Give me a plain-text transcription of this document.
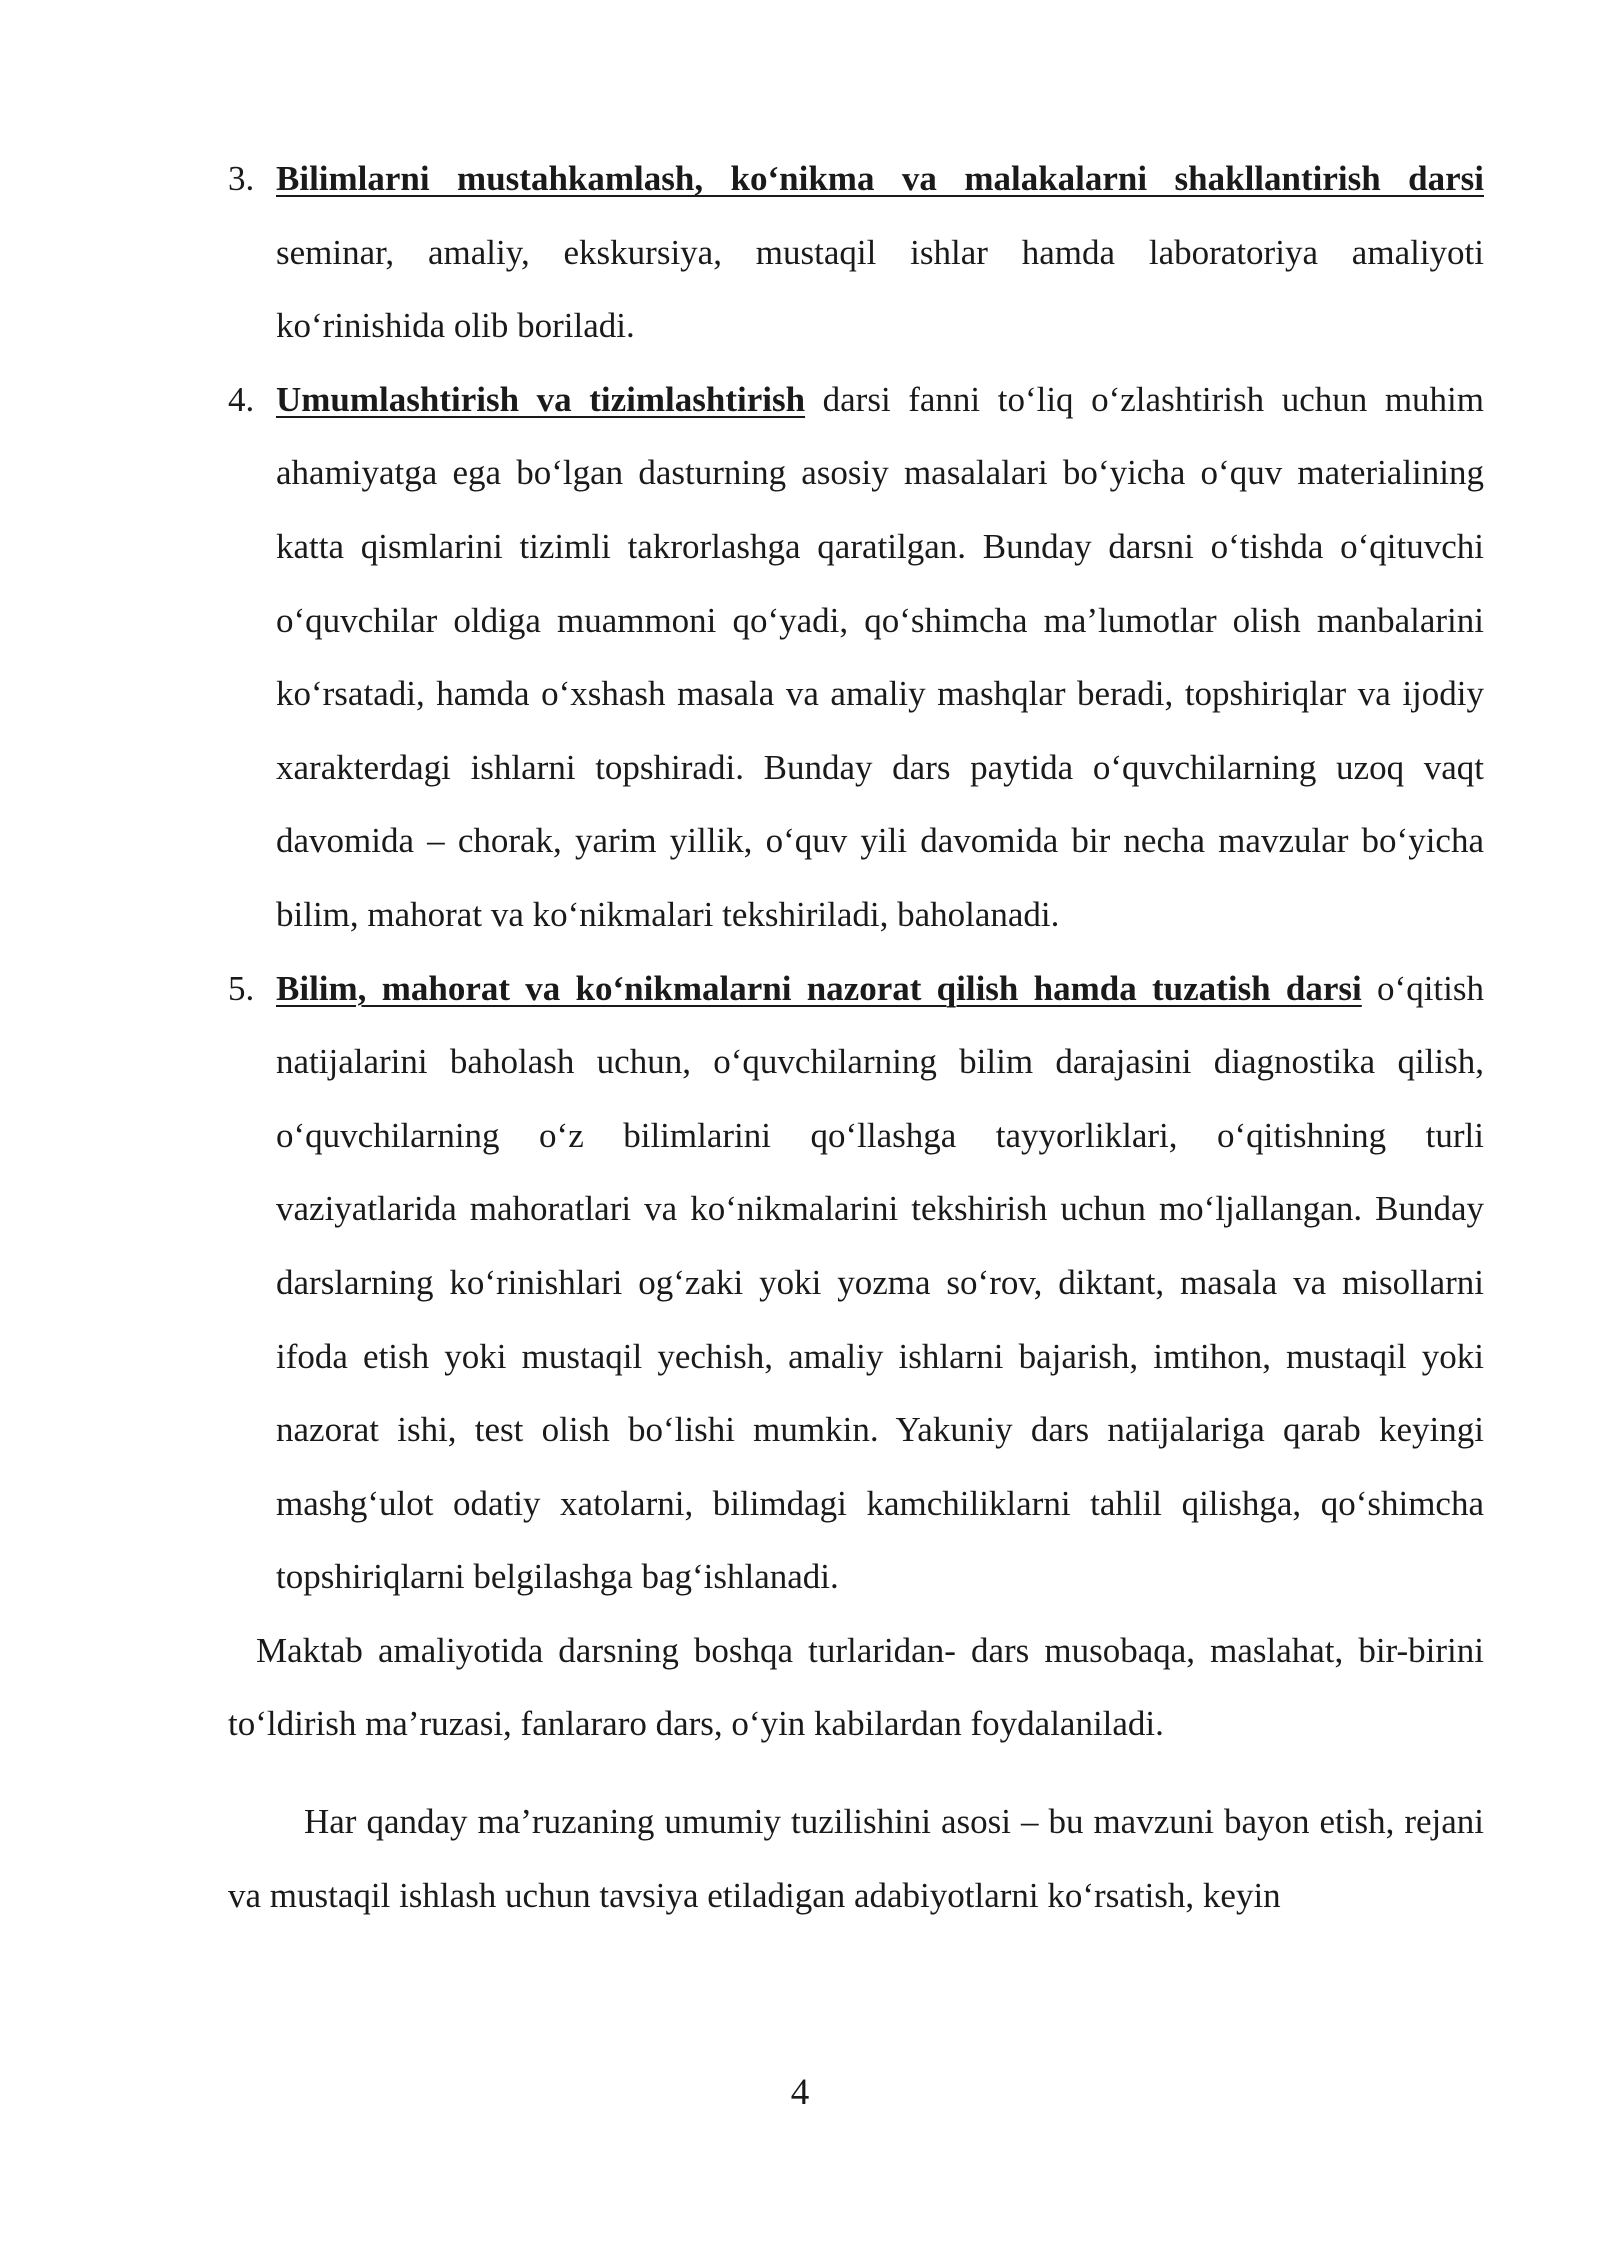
3. Bilimlarni mustahkamlash, ko‘nikma va malakalarni shakllantirish darsi seminar, amaliy, ekskursiya, mustaqil ishlar hamda laboratoriya amaliyoti ko‘rinishida olib boriladi.
4. Umumlashtirish va tizimlashtirish darsi fanni to‘liq o‘zlashtirish uchun muhim ahamiyatga ega bo‘lgan dasturning asosiy masalalari bo‘yicha o‘quv materialining katta qismlarini tizimli takrorlashga qaratilgan. Bunday darsni o‘tishda o‘qituvchi o‘quvchilar oldiga muammoni qo‘yadi, qo‘shimcha ma’lumotlar olish manbalarini ko‘rsatadi, hamda o‘xshash masala va amaliy mashqlar beradi, topshiriqlar va ijodiy xarakterdagi ishlarni topshiradi. Bunday dars paytida o‘quvchilarning uzoq vaqt davomida – chorak, yarim yillik, o‘quv yili davomida bir necha mavzular bo‘yicha bilim, mahorat va ko‘nikmalari tekshiriladi, baholanadi.
5. Bilim, mahorat va ko‘nikmalarni nazorat qilish hamda tuzatish darsi o‘qitish natijalarini baholash uchun, o‘quvchilarning bilim darajasini diagnostika qilish, o‘quvchilarning o‘z bilimlarini qo‘llashga tayyorliklari, o‘qitishning turli vaziyatlarida mahoratlari va ko‘nikmalarini tekshirish uchun mo‘ljallangan. Bunday darslarning ko‘rinishlari og‘zaki yoki yozma so‘rov, diktant, masala va misollarni ifoda etish yoki mustaqil yechish, amaliy ishlarni bajarish, imtihon, mustaqil yoki nazorat ishi, test olish bo‘lishi mumkin. Yakuniy dars natijalariga qarab keyingi mashg‘ulot odatiy xatolarni, bilimdagi kamchiliklarni tahlil qilishga, qo‘shimcha topshiriqlarni belgilashga bag‘ishlanadi.
Maktab amaliyotida darsning boshqa turlaridan- dars musobaqa, maslahat, bir-birini to‘ldirish ma’ruzasi, fanlararo dars, o‘yin kabilardan foydalaniladi.
Har qanday ma’ruzaning umumiy tuzilishini asosi – bu mavzuni bayon etish, rejani va mustaqil ishlash uchun tavsiya etiladigan adabiyotlarni ko‘rsatish, keyin
4
